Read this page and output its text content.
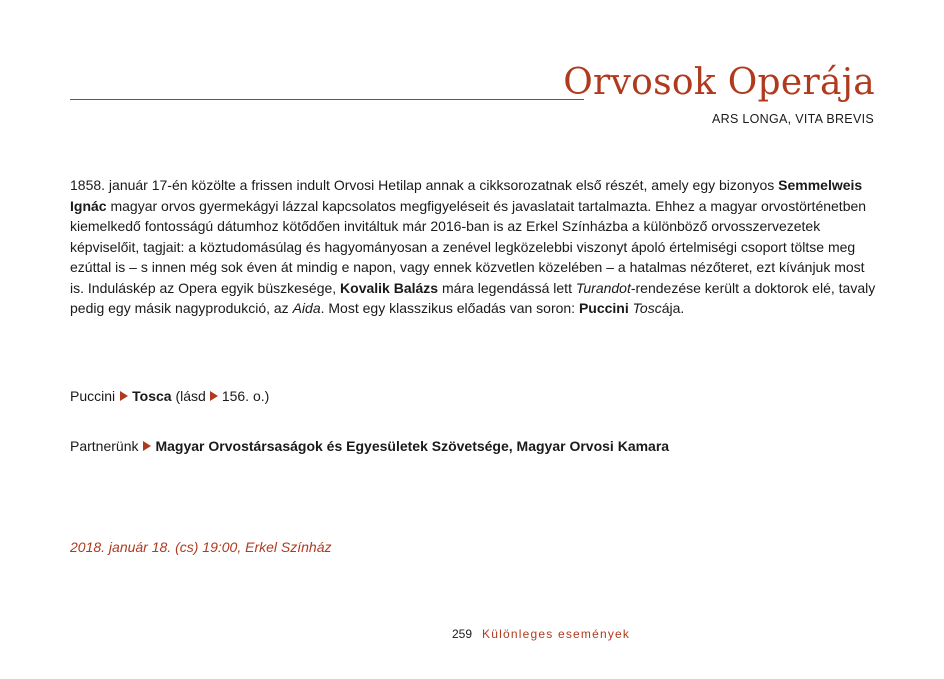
Orvosok Operája
ARS LONGA, VITA BREVIS

1858. január 17-én közölte a frissen indult Orvosi Hetilap annak a cikksorozatnak első részét, amely egy bizonyos Semmelweis Ignác magyar orvos gyermekágyi lázzal kapcsolatos megfigyeléseit és javaslatait tartalmazta. Ehhez a magyar orvostörténetben kiemelkedő fontosságú dátumhoz kötődően invitáltuk már 2016-ban is az Erkel Színházba a különböző orvosszervezetek képviselőit, tagjait: a köztudomásúlag és hagyományosan a zenével legközelebbi viszonyt ápoló értelmiségi csoport töltse meg ezúttal is – s innen még sok éven át mindig e napon, vagy ennek közvetlen közelében – a hatalmas nézőteret, ezt kívánjuk most is. Induláskép az Opera egyik büszkesége, Kovalik Balázs mára legendássá lett Turandot-rendezése került a doktorok elé, tavaly pedig egy másik nagyprodukció, az Aida. Most egy klasszikus előadás van soron: Puccini Toscája.

Puccini Tosca (lásd 156. o.)
Partnerünk Magyar Orvostársaságok és Egyesületek Szövetsége, Magyar Orvosi Kamara
2018. január 18. (cs) 19:00, Erkel Színház
259 Különleges események
